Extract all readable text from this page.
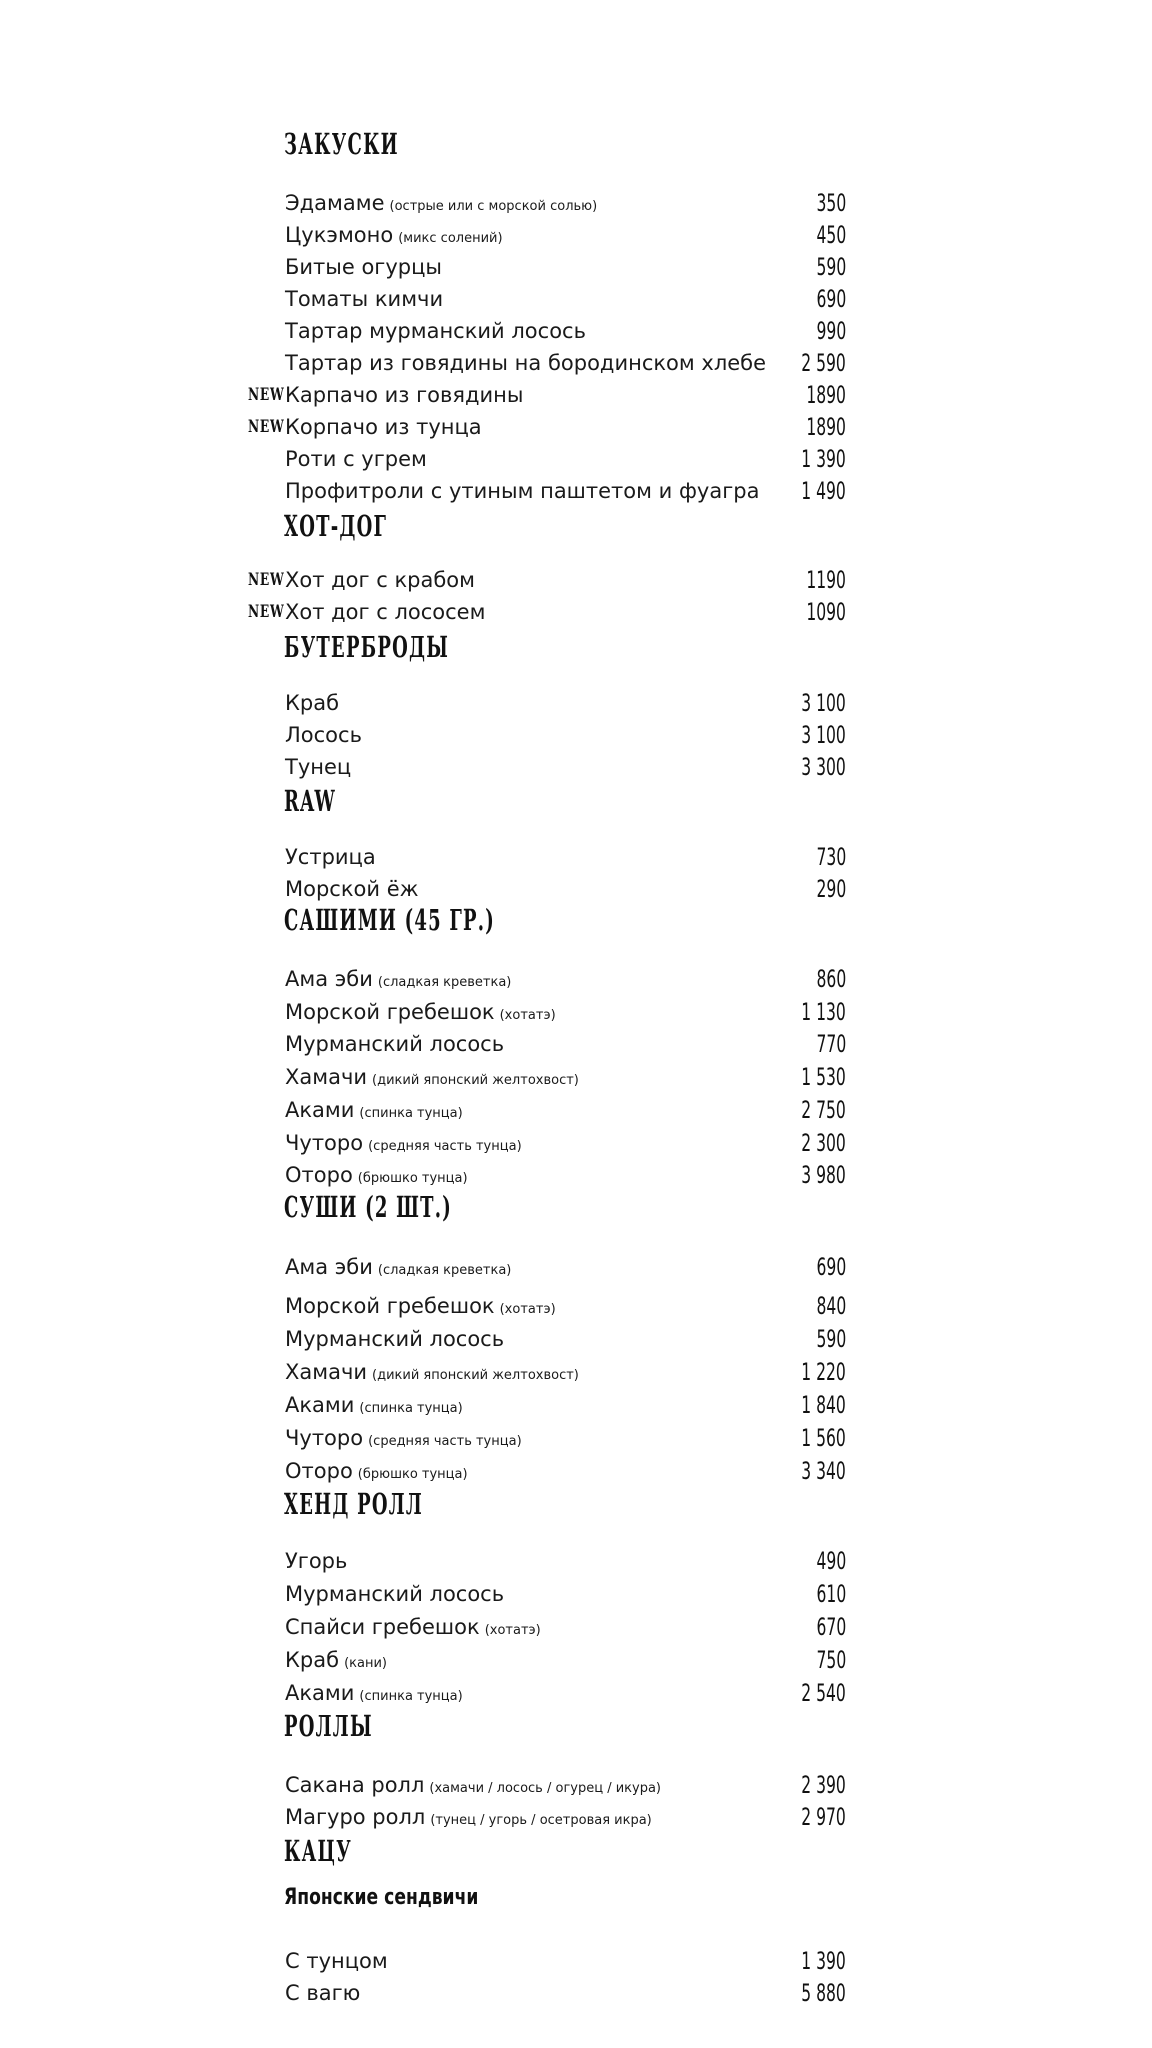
ЗАКУСКИ
Эдамаме (острые или с морской солью)	350
Цукэмоно (микс солений)	450
Битые огурцы	590
Томаты кимчи	690
Тартар мурманский лосось	990
Тартар из говядины на бородинском хлебе 2 590
NEW Карпачо из говядины	1890
NEW Корпачо из тунца	1890
Роти с угрем	1 390
Профитроли с утиным паштетом и фуагра 1 490
ХОТ-ДОГ
NEW Хот дог с крабом	1190
NEW Хот дог с лососем	1090
БУТЕРБРОДЫ
Краб	3 100
Лосось	3 100
Тунец	3 300
RAW
Устрица	730
Морской ёж	290
САШИМИ (45 ГР.)
Ама эби (сладкая креветка)	860
Морской гребешок (хотатэ)	1 130
Мурманский лосось	770
Хамачи (дикий японский желтохвост)	1 530
Аками (спинка тунца)	2 750
Чуторо (средняя часть тунца)	2 300
Оторо (брюшко тунца)	3 980
СУШИ (2 ШТ.)
Ама эби (сладкая креветка)	690
Морской гребешок (хотатэ)	840
Мурманский лосось	590
Хамачи (дикий японский желтохвост)	1 220
Аками (спинка тунца)	1 840
Чуторо (средняя часть тунца)	1 560
Оторо (брюшко тунца)	3 340
ХЕНД РОЛЛ
Угорь	490
Мурманский лосось	610
Спайси гребешок (хотатэ)	670
Краб (кани)	750
Аками (спинка тунца)	2 540
РОЛЛЫ
Сакана ролл (хамачи / лосось / огурец / икура)	2 390
Магуро ролл (тунец / угорь / осетровая икра)	2 970
КАЦУ
Японские сендвичи
С тунцом	1 390
С вагю	5 880
